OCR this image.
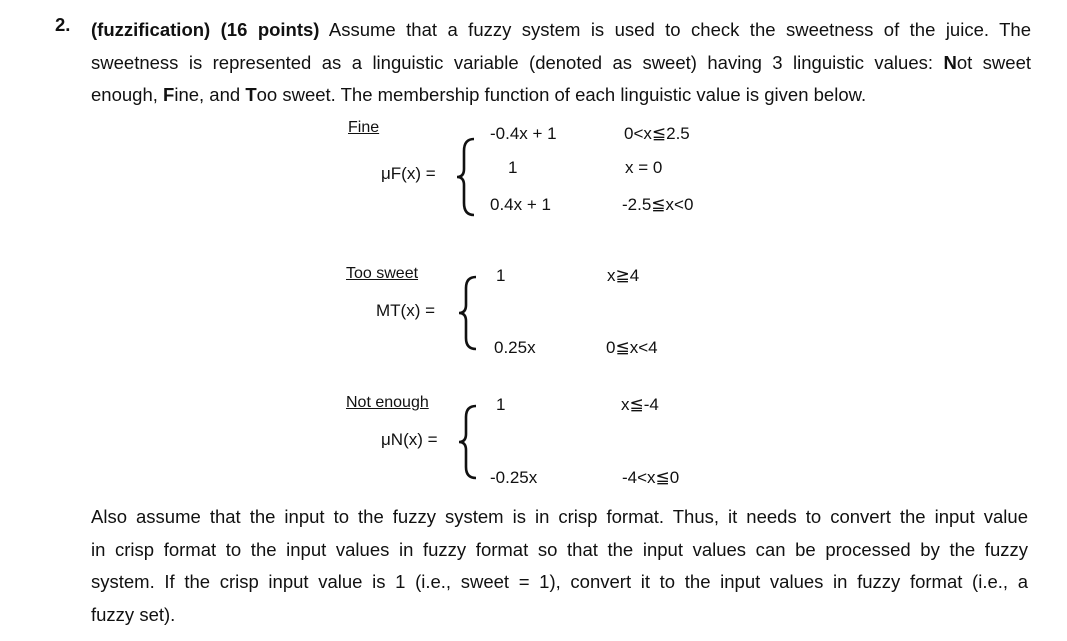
2. (fuzzification) (16 points) Assume that a fuzzy system is used to check the sweetness of the juice. The
sweetness is represented as a linguistic variable (denoted as sweet) having 3 linguistic values: Not sweet
enough, Fine, and Too sweet. The membership function of each linguistic value is given below.
Fine
μF(x) =
-0.4x + 1	0<x≦2.5
1	x = 0
0.4x + 1	-2.5≦x<0
Too sweet
MT(x) =
1	x≧4
0.25x	0≦x<4
Not enough
μN(x) =
1	x≦-4
-0.25x	-4<x≦0
Also assume that the input to the fuzzy system is in crisp format. Thus, it needs to convert the input value
in crisp format to the input values in fuzzy format so that the input values can be processed by the fuzzy
system. If the crisp input value is 1 (i.e., sweet = 1), convert it to the input values in fuzzy format (i.e., a
fuzzy set).
